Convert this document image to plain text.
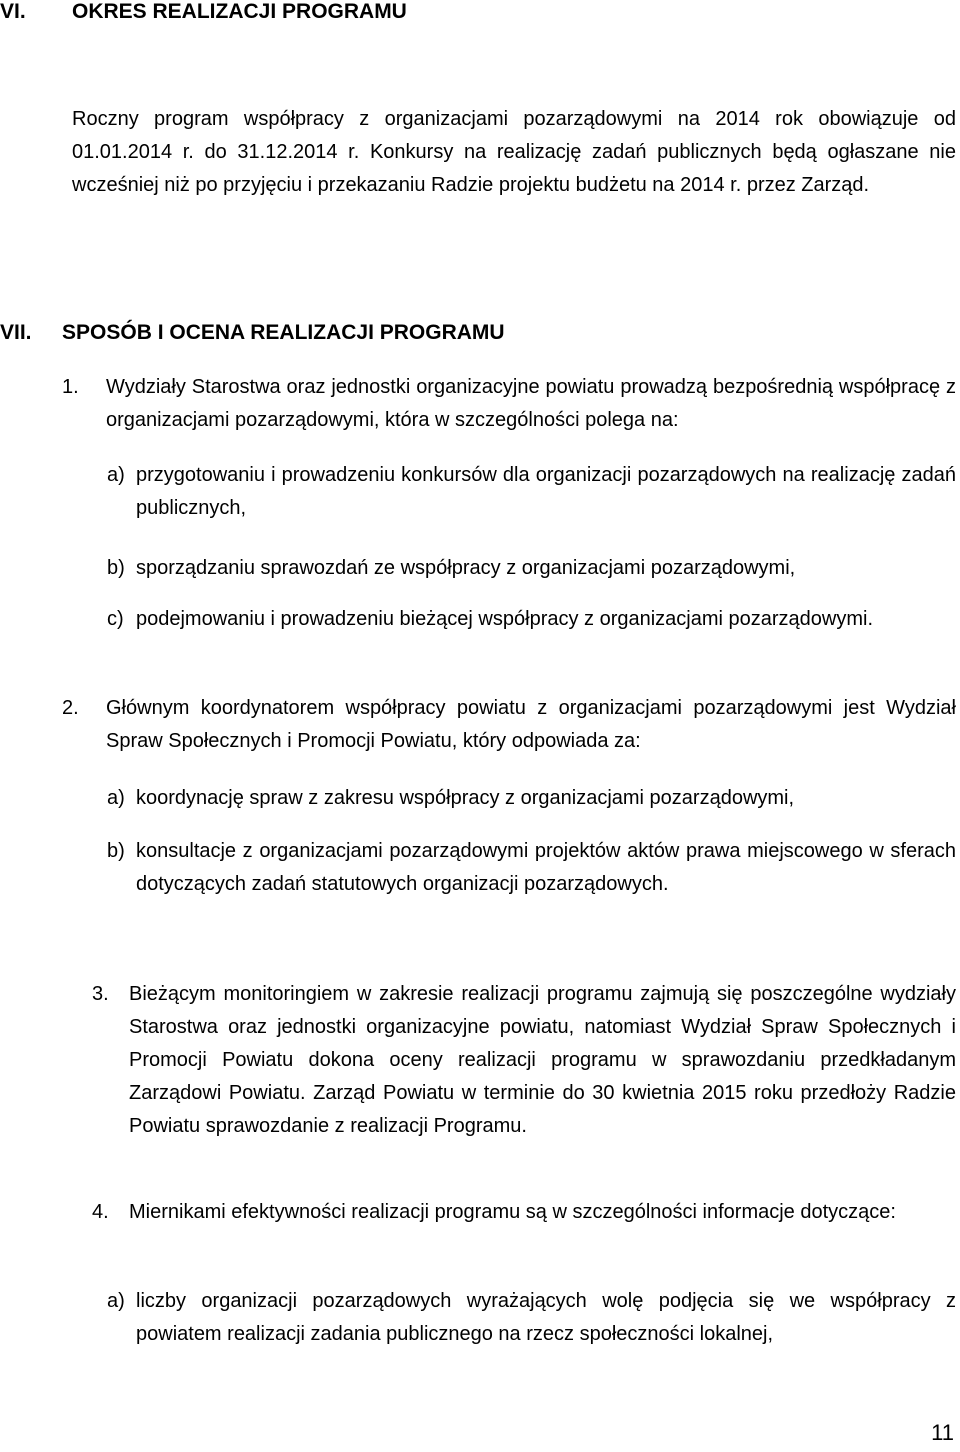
VI. OKRES REALIZACJI PROGRAMU
Roczny program współpracy z organizacjami pozarządowymi na 2014 rok obowiązuje od 01.01.2014 r. do 31.12.2014 r. Konkursy na realizację zadań publicznych będą ogłaszane nie wcześniej niż po przyjęciu i przekazaniu Radzie projektu budżetu na 2014 r. przez Zarząd.
VII. SPOSÓB I OCENA REALIZACJI PROGRAMU
1. Wydziały Starostwa oraz jednostki organizacyjne powiatu prowadzą bezpośrednią współpracę z organizacjami pozarządowymi, która w szczególności polega na:
a) przygotowaniu i prowadzeniu konkursów dla organizacji pozarządowych na realizację zadań publicznych,
b) sporządzaniu sprawozdań ze współpracy z organizacjami pozarządowymi,
c) podejmowaniu i prowadzeniu bieżącej współpracy z organizacjami pozarządowymi.
2. Głównym koordynatorem współpracy powiatu z organizacjami pozarządowymi jest Wydział Spraw Społecznych i Promocji Powiatu, który odpowiada za:
a) koordynację spraw z zakresu współpracy z organizacjami pozarządowymi,
b) konsultacje z organizacjami pozarządowymi projektów aktów prawa miejscowego w sferach dotyczących zadań statutowych organizacji pozarządowych.
3. Bieżącym monitoringiem w zakresie realizacji programu zajmują się poszczególne wydziały Starostwa oraz jednostki organizacyjne powiatu, natomiast Wydział Spraw Społecznych i Promocji Powiatu dokona oceny realizacji programu w sprawozdaniu przedkładanym Zarządowi Powiatu. Zarząd Powiatu w terminie do 30 kwietnia 2015 roku przedłoży Radzie Powiatu sprawozdanie z realizacji Programu.
4. Miernikami efektywności realizacji programu są w szczególności informacje dotyczące:
a) liczby organizacji pozarządowych wyrażających wolę podjęcia się we współpracy z powiatem realizacji zadania publicznego na rzecz społeczności lokalnej,
11
